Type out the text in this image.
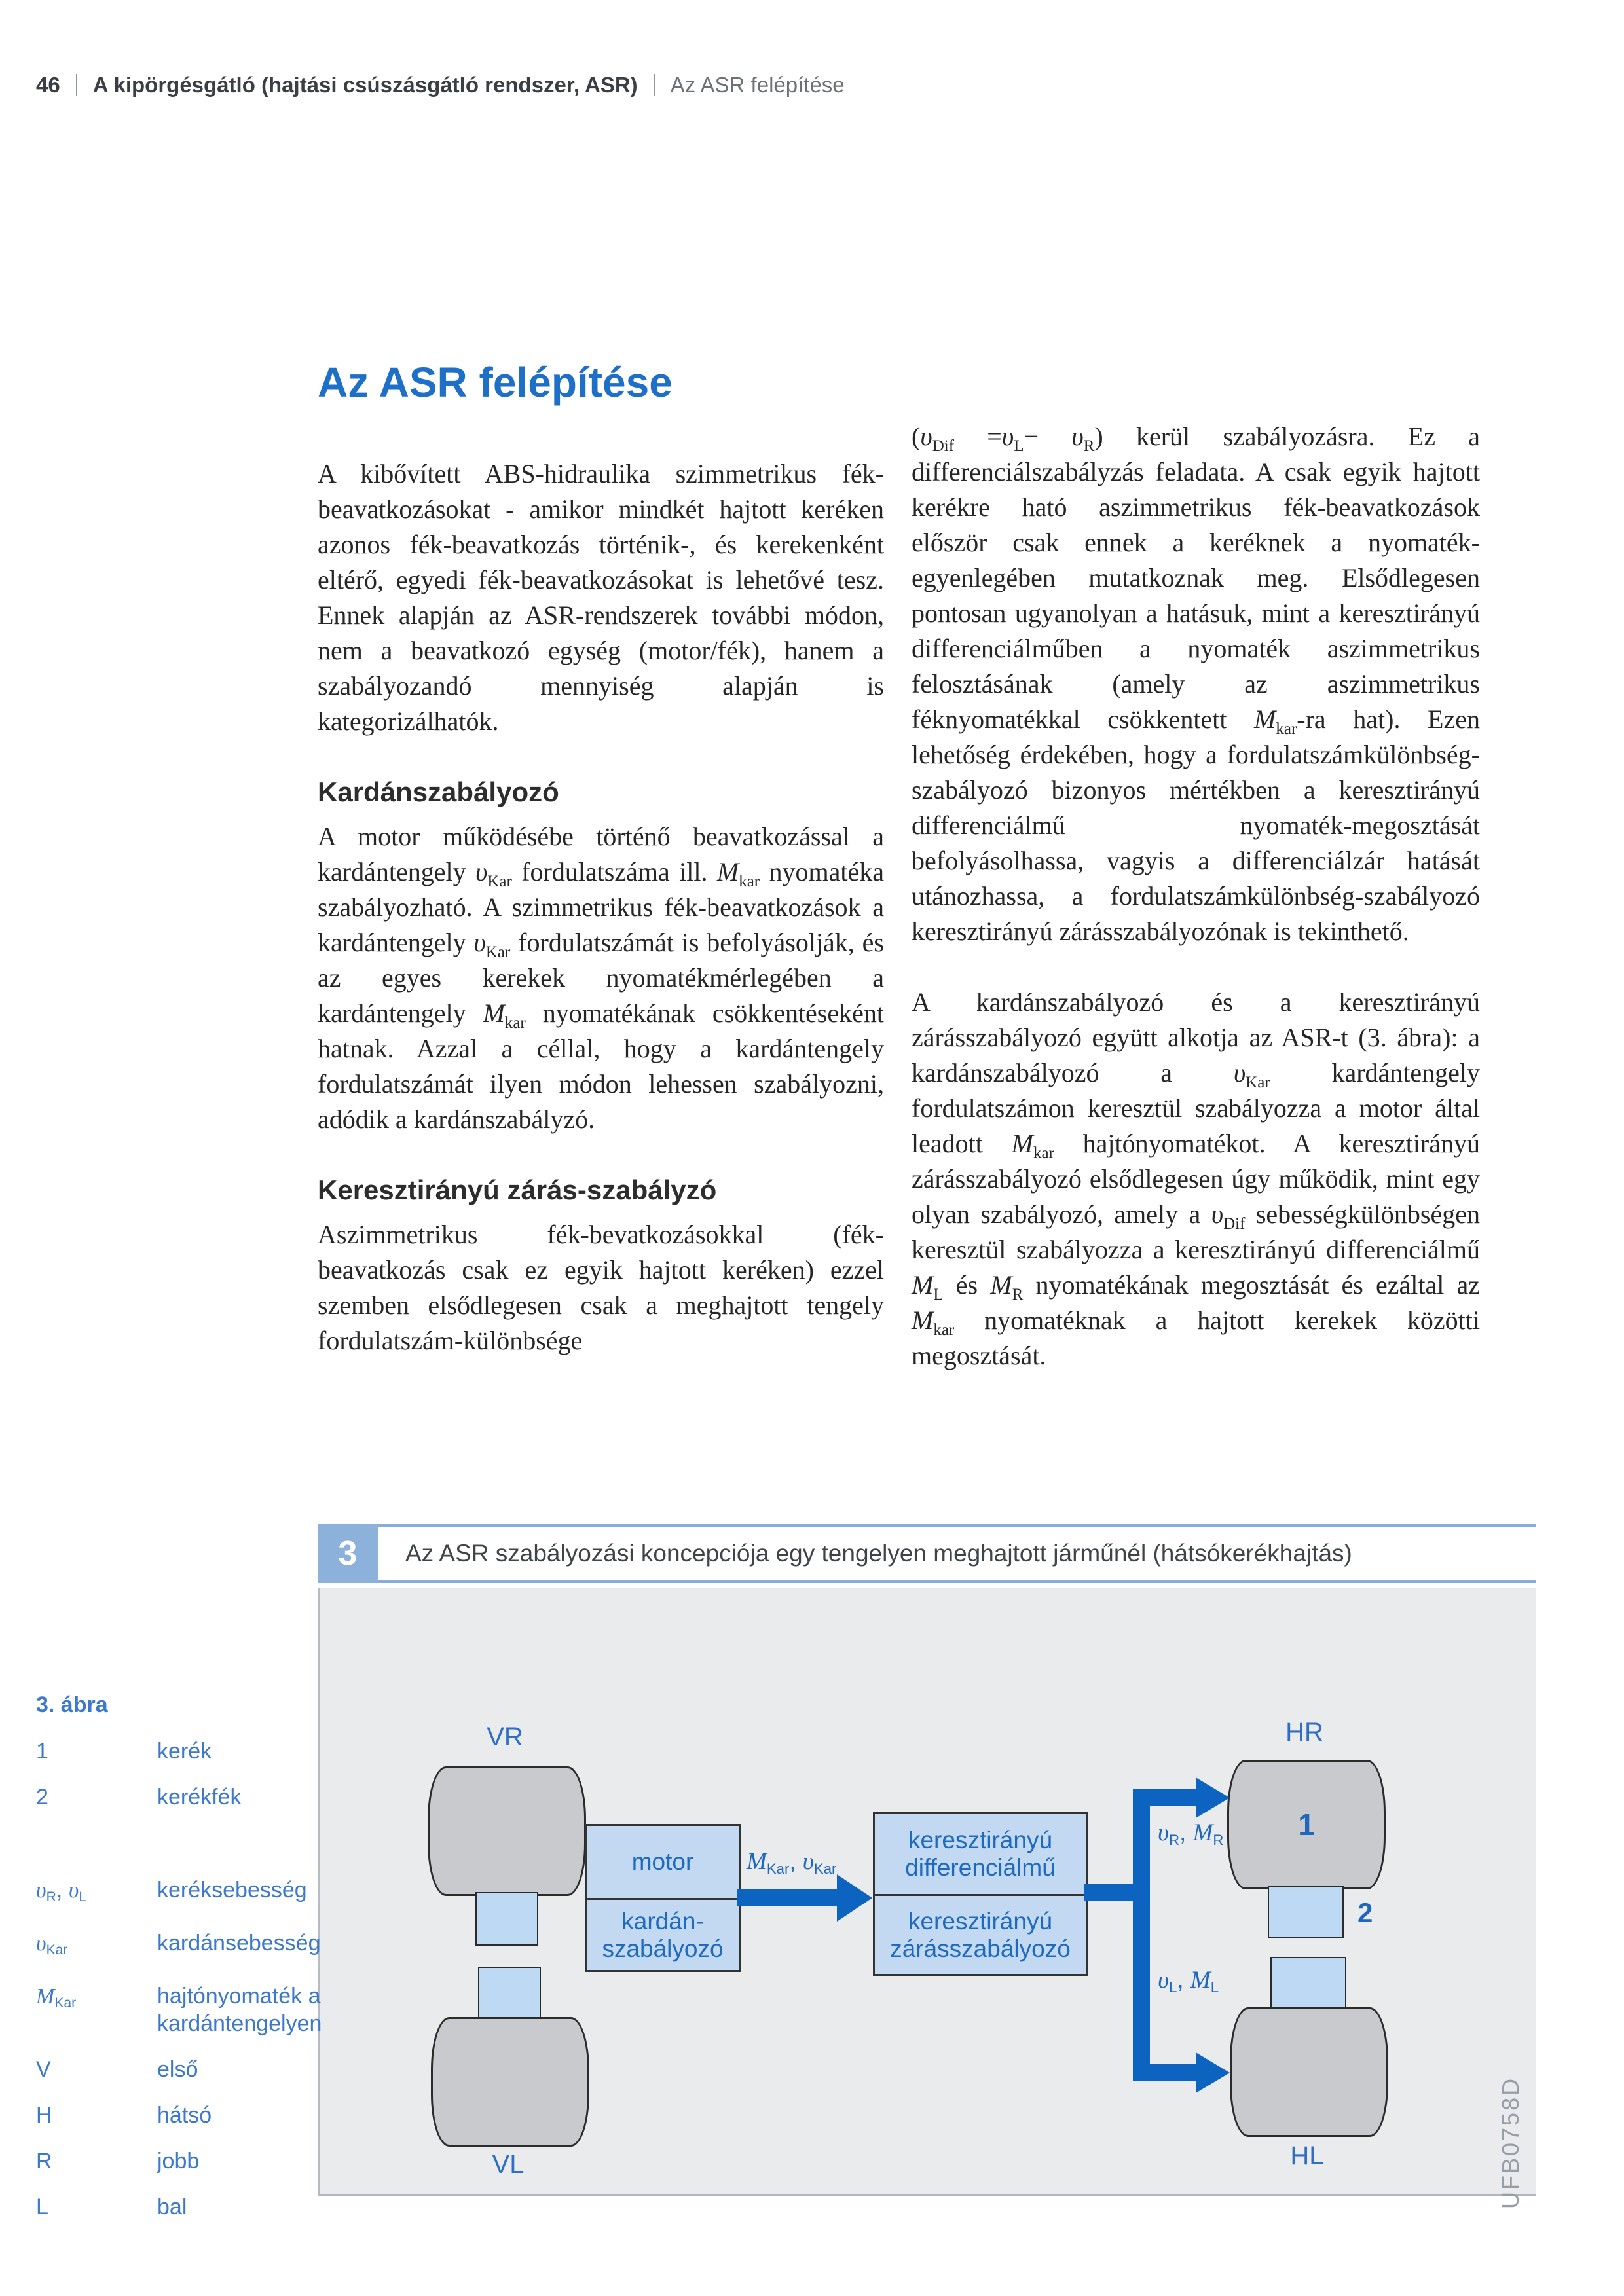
46 A kipörgésgátló (hajtási csúszásgátló rendszer, ASR) Az ASR felépítése
Az ASR felépítése

A kibővített ABS-hidraulika szimmetrikus fék-beavatkozásokat - amikor mindkét hajtott keréken azonos fék-beavatkozás történik-, és kerekenként eltérő, egyedi fék-beavatkozásokat is lehetővé tesz. Ennek alapján az ASR-rendszerek további módon, nem a beavatkozó egység (motor/fék), hanem a szabályozandó mennyiség alapján is kategorizálhatók.

Kardánszabályozó

A motor működésébe történő beavatkozással a kardántengely $\upsilon_{Kar}$ fordulatszáma ill. $M_{kar}$ nyomatéka szabályozható. A szimmetrikus fék-beavatkozások a kardántengely $\upsilon_{Kar}$ fordulatszámát is befolyásolják, és az egyes kerekek nyomatékmérlegében a kardántengely $M_{kar}$ nyomatékának csökkentéseként hatnak. Azzal a céllal, hogy a kardántengely fordulatszámát ilyen módon lehessen szabályozni, adódik a kardánszabályzó.

Keresztirányú zárás-szabályzó

Aszimmetrikus fék-bevatkozásokkal (fék-beavatkozás csak ez egyik hajtott keréken) ezzel szemben elsődlegesen csak a meghajtott tengely fordulatszám-különbsége

$(\upsilon_{Dif} =\upsilon_L- \upsilon_R)$ kerül szabályozásra. Ez a differenciálszabályzás feladata. A csak egyik hajtott kerékre ható aszimmetrikus fék-beavatkozások először csak ennek a keréknek a nyomaték-egyenlegében mutatkoznak meg. Elsődlegesen pontosan ugyanolyan a hatásuk, mint a keresztirányú differenciálműben a nyomaték aszimmetrikus felosztásának (amely az aszimmetrikus féknyomatékkal csökkentett $M_{kar}-ra$ hat). Ezen lehetőség érdekében, hogy a fordulatszámkülönbség-szabályozó bizonyos mértékben a keresztirányú differenciálmű nyomaték-megosztását befolyásolhassa, vagyis a differenciálzár hatását utánozhassa, a fordulatszámkülönbség-szabályozó keresztirányú zárásszabályozónak is tekinthető.

A kardánszabályozó és a keresztirányú zárásszabályozó együtt alkotja az ASR-t (3. ábra): a kardánszabályozó a $\upsilon_{Kar}$ kardántengely fordulatszámon keresztül szabályozza a motor által leadott $M_{kar}$ hajtónyomatékot. A keresztirányú zárásszabályozó elsődlegesen úgy működik, mint egy olyan szabályozó, amely a $\upsilon_{Dif}$ sebességkülönbségen keresztül szabályozza a keresztirányú differenciálmű $M_L$ és $M_R$ nyomatékának megosztását és ezáltal az $M_{kar}$ nyomatéknak a hajtott kerekek közötti megosztását.

3	Az ASR szabályozási koncepciója egy tengelyen meghajtott járműnél (hátsókerékhajtás)
VR	HR
1
2
VL	HL
motor
kardán-szabályozó
keresztirányú differenciálmű
keresztirányú zárásszabályozó
$M_{Kar}$, $\upsilon_{Kar}$
$\upsilon_R$, $M_R$
$\upsilon_L$, $M_L$
UFB0758D
3. ábra
1	kerék
2	kerékfék
$\upsilon_R$, $\upsilon_L$	keréksebesség
$\upsilon_{Kar}$	kardánsebesség
$M_{Kar}$	hajtónyomaték a kardántengelyen
V	első
H	hátsó
R	jobb
L	bal
